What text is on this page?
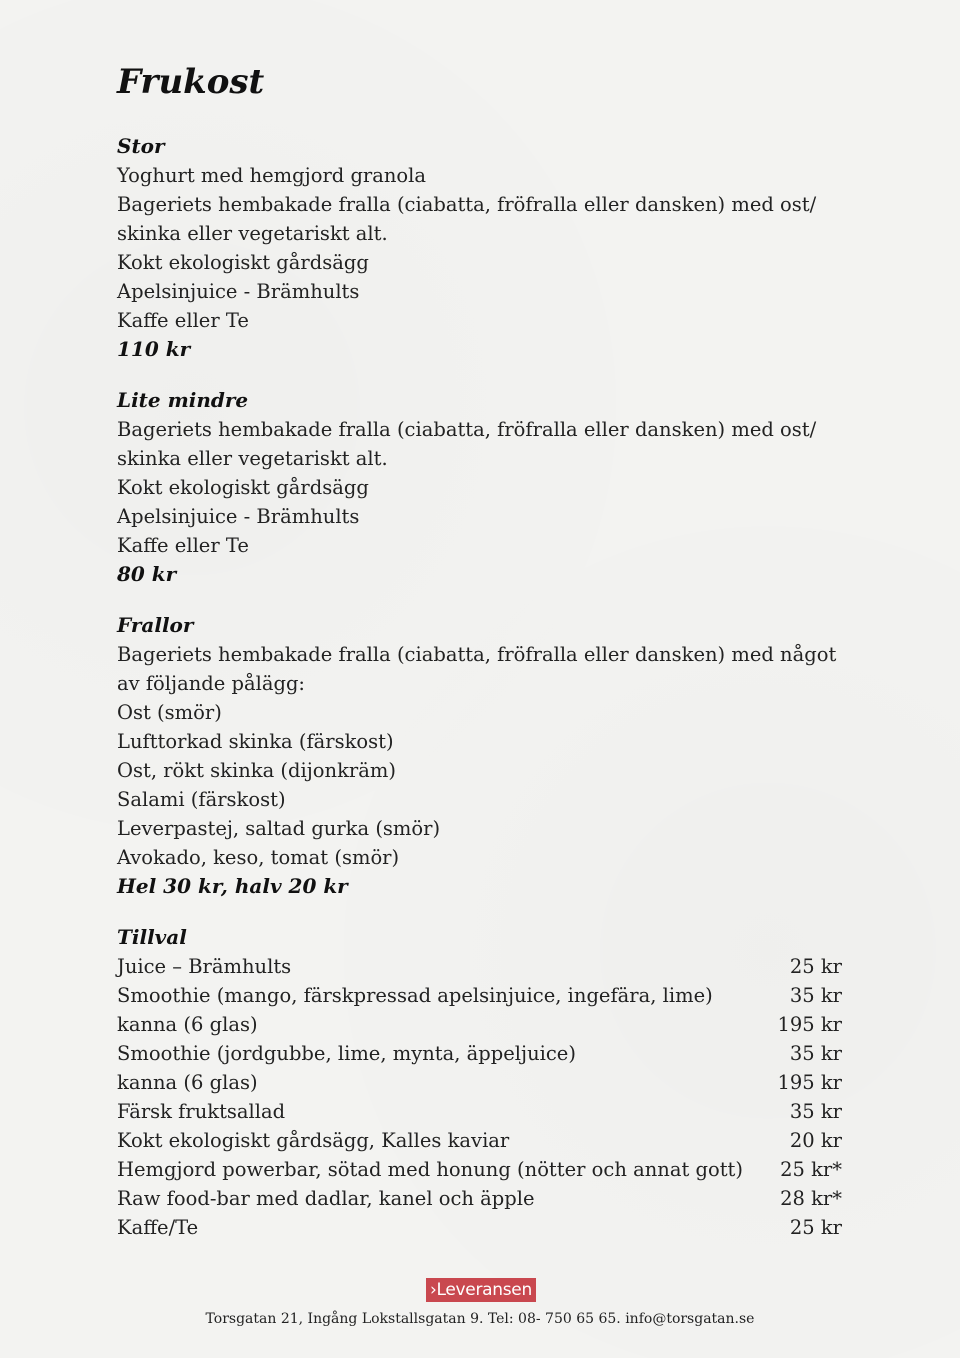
Frukost
Stor
Yoghurt med hemgjord granola
Bageriets hembakade fralla (ciabatta, fröfralla eller dansken) med ost/
skinka eller vegetariskt alt.
Kokt ekologiskt gårdsägg
Apelsinjuice - Brämhults
Kaffe eller Te
110 kr
Lite mindre
Bageriets hembakade fralla (ciabatta, fröfralla eller dansken) med ost/
skinka eller vegetariskt alt.
Kokt ekologiskt gårdsägg
Apelsinjuice - Brämhults
Kaffe eller Te
80 kr
Frallor
Bageriets hembakade fralla (ciabatta, fröfralla eller dansken) med något
av följande pålägg:
Ost (smör)
Lufttorkad skinka (färskost)
Ost, rökt skinka (dijonkräm)
Salami (färskost)
Leverpastej, saltad gurka (smör)
Avokado, keso, tomat (smör)
Hel 30 kr, halv 20 kr
Tillval
Juice – Brämhults	25 kr
Smoothie (mango, färskpressad apelsinjuice, ingefära, lime)	35 kr
kanna (6 glas)	195 kr
Smoothie (jordgubbe, lime, mynta, äppeljuice)	35 kr
kanna (6 glas)	195 kr
Färsk fruktsallad	35 kr
Kokt ekologiskt gårdsägg, Kalles kaviar	20 kr
Hemgjord powerbar, sötad med honung (nötter och annat gott)	25 kr*
Raw food-bar med dadlar, kanel och äpple	28 kr*
Kaffe/Te	25 kr
›Leveransen
Torsgatan 21, Ingång Lokstallsgatan 9. Tel: 08- 750 65 65. info@torsgatan.se
